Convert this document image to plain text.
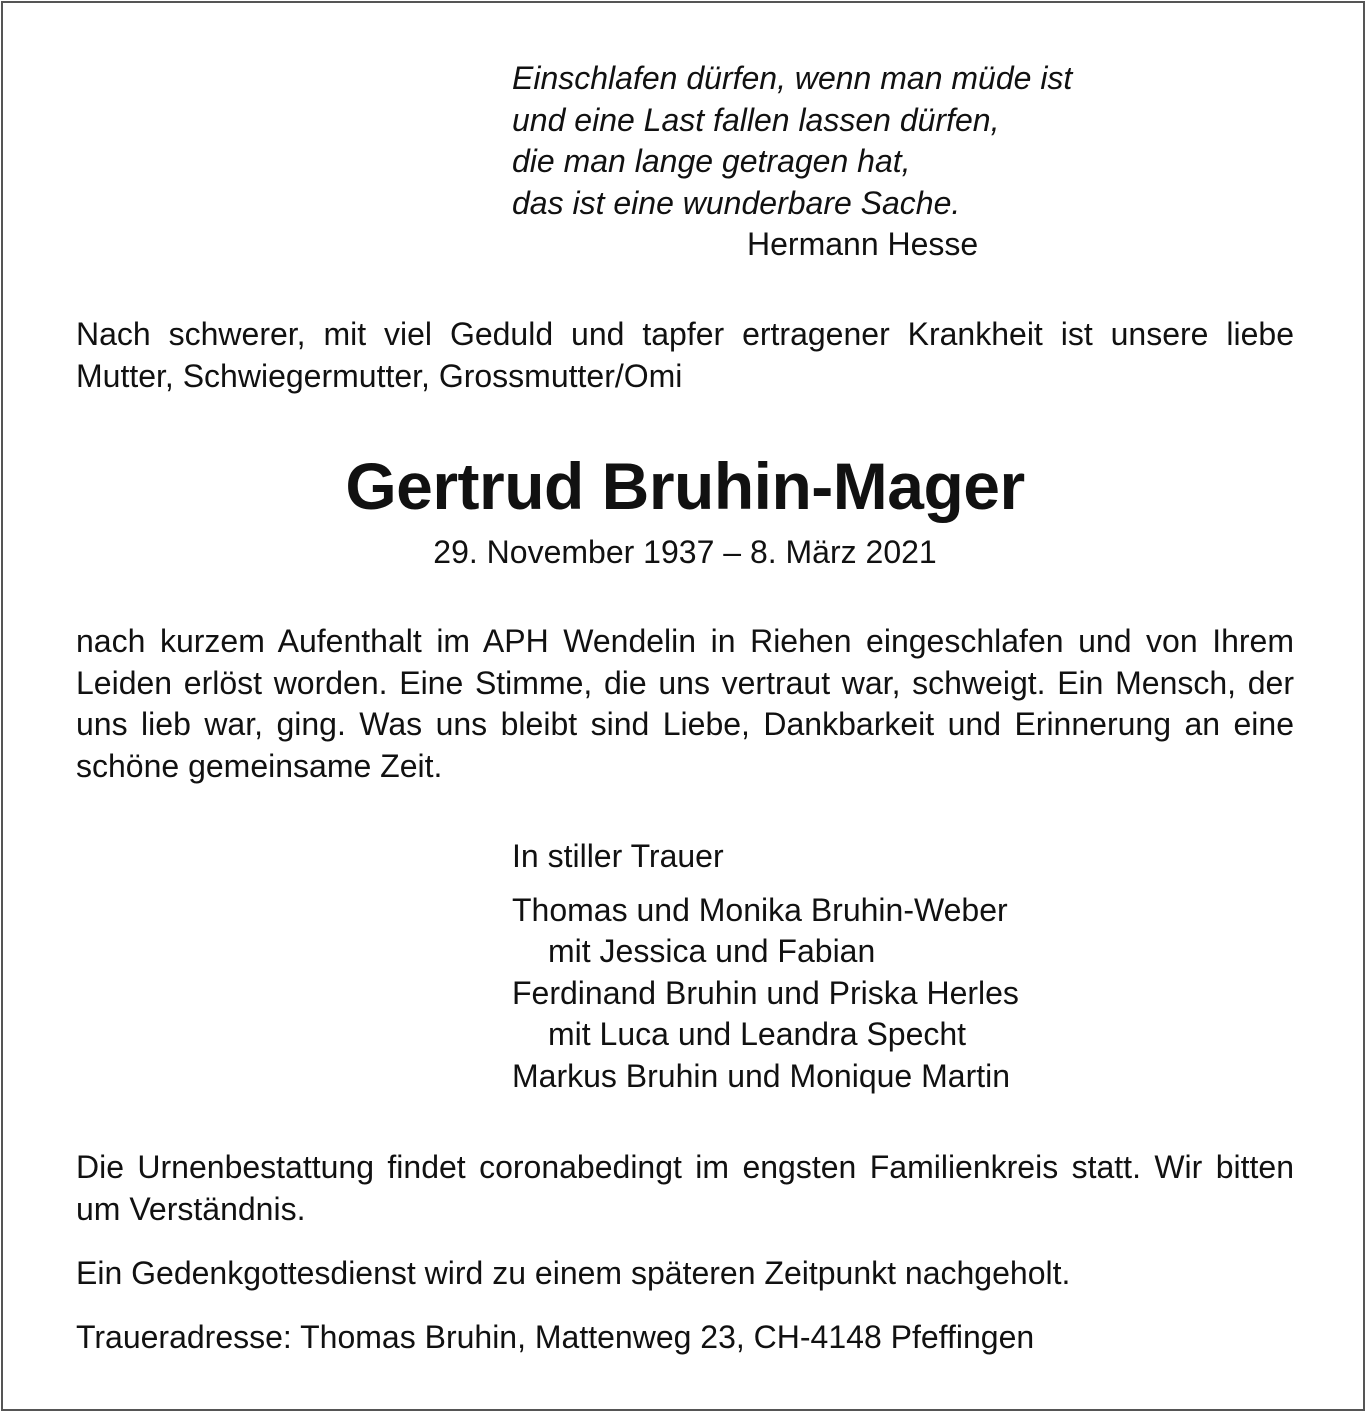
Einschlafen dürfen, wenn man müde ist
und eine Last fallen lassen dürfen,
die man lange getragen hat,
das ist eine wunderbare Sache.
Hermann Hesse
Nach schwerer, mit viel Geduld und tapfer ertragener Krankheit ist unsere liebe Mutter, Schwiegermutter, Grossmutter/Omi
Gertrud Bruhin-Mager
29. November 1937 – 8. März 2021
nach kurzem Aufenthalt im APH Wendelin in Riehen eingeschlafen und von Ihrem Leiden erlöst worden. Eine Stimme, die uns vertraut war, schweigt. Ein Mensch, der uns lieb war, ging. Was uns bleibt sind Liebe, Dankbarkeit und Erinnerung an eine schöne gemeinsame Zeit.
In stiller Trauer
Thomas und Monika Bruhin-Weber
mit Jessica und Fabian
Ferdinand Bruhin und Priska Herles
mit Luca und Leandra Specht
Markus Bruhin und Monique Martin
Die Urnenbestattung findet coronabedingt im engsten Familienkreis statt. Wir bitten um Verständnis.
Ein Gedenkgottesdienst wird zu einem späteren Zeitpunkt nachgeholt.
Traueradresse: Thomas Bruhin, Mattenweg 23, CH-4148 Pfeffingen
